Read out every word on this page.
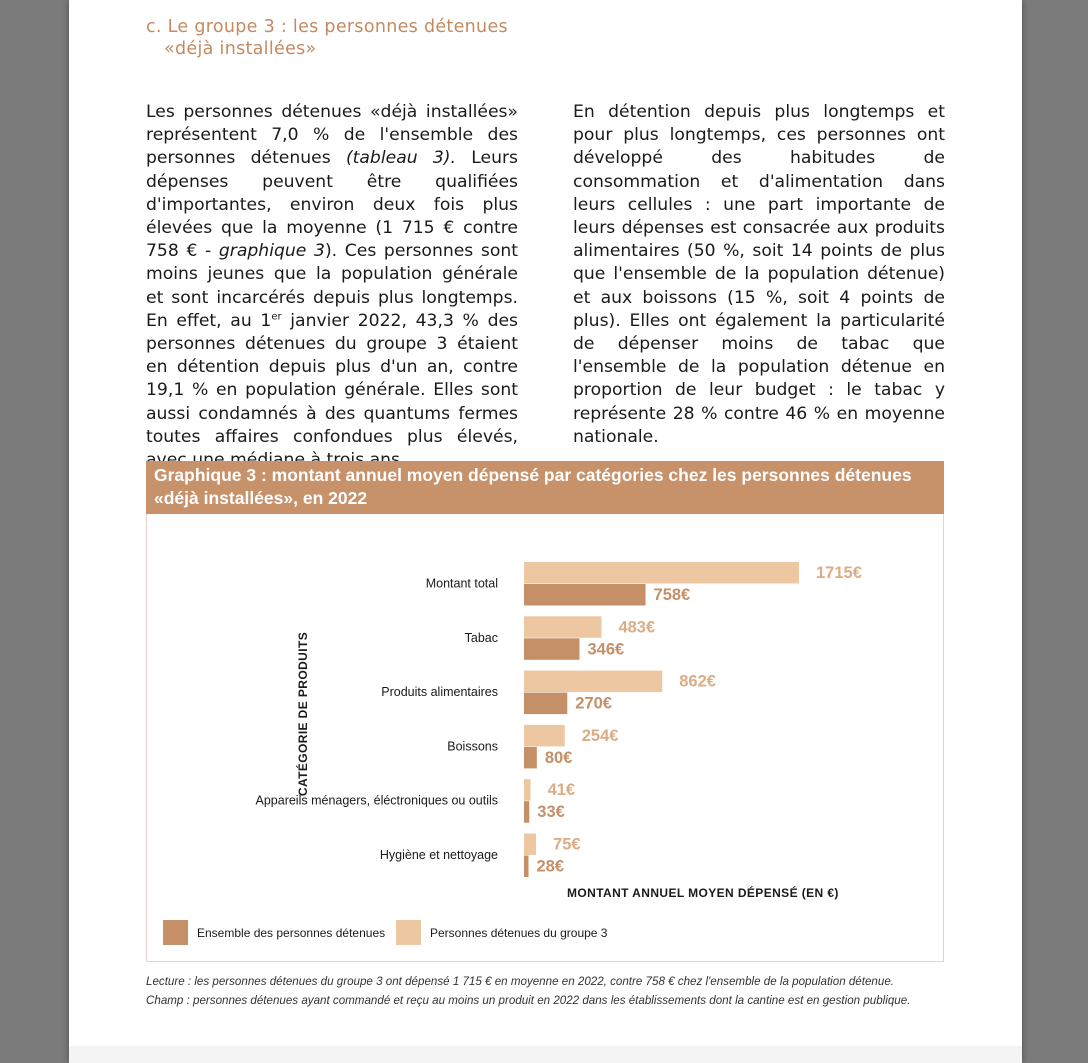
c. Le groupe 3 : les personnes détenues
«déjà installées»
Les personnes détenues «déjà installées» représentent 7,0 % de l'ensemble des personnes détenues (tableau 3). Leurs dépenses peuvent être qualifiées d'importantes, environ deux fois plus élevées que la moyenne (1 715 € contre 758 € - graphique 3). Ces personnes sont moins jeunes que la population générale et sont incarcérés depuis plus longtemps. En effet, au 1er janvier 2022, 43,3 % des personnes détenues du groupe 3 étaient en détention depuis plus d'un an, contre 19,1 % en population générale. Elles sont aussi condamnés à des quantums fermes toutes affaires confondues plus élevés,
En détention depuis plus longtemps et pour plus longtemps, ces personnes ont développé des habitudes de consommation et d'alimentation dans leurs cellules : une part importante de leurs dépenses est consacrée aux produits alimentaires (50 %, soit 14 points de plus que l'ensemble de la population détenue) et aux boissons (15 %, soit 4 points de plus). Elles ont également la particularité de dépenser moins de tabac que l'ensemble de la population détenue en proportion de leur budget : le tabac y représente 28 % contre 46 % en moyenne nationale.
Graphique 3 : montant annuel moyen dépensé par catégories chez les personnes détenues «déjà installées», en 2022
CATÉGORIE DE PRODUITS
MONTANT ANNUEL MOYEN DÉPENSÉ (EN €)
Montant total
1715€
758€
Tabac
483€
346€
Produits alimentaires
862€
270€
Boissons
254€
80€
Appareils ménagers, éléctroniques ou outils
41€
33€
Hygiène et nettoyage
75€
28€
Ensemble des personnes détenues	Personnes détenues du groupe 3
Lecture : les personnes détenues du groupe 3 ont dépensé 1 715 € en moyenne en 2022, contre 758 € chez l'ensemble de la population détenue.
Champ : personnes détenues ayant commandé et reçu au moins un produit en 2022 dans les établissements dont la cantine est en gestion publique.
